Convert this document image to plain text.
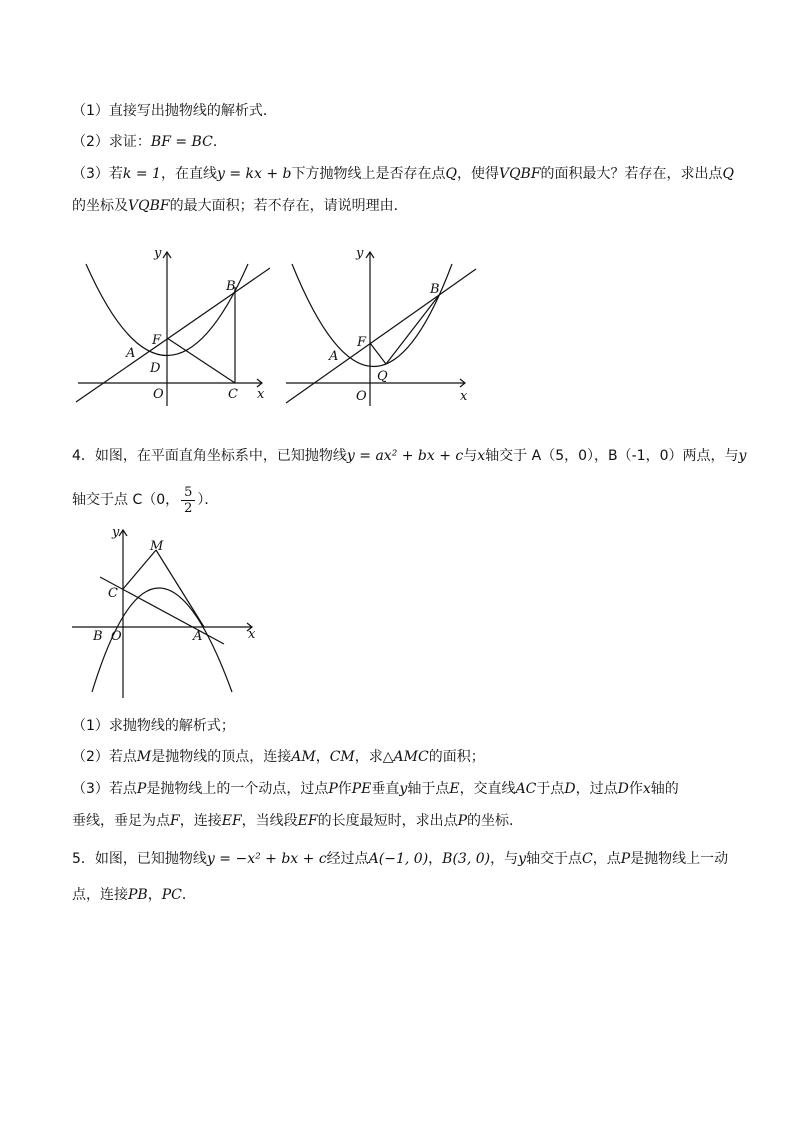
（1）直接写出抛物线的解析式．
（2）求证：BF = BC．
（3）若k = 1，在直线y = kx + b下方抛物线上是否存在点Q，使得VQBF的面积最大？若存在，求出点Q
的坐标及VQBF的最大面积；若不存在，请说明理由．
y
x
B
F
A
D
O	C
y
x
B
F
A
Q
O
4．如图，在平面直角坐标系中，已知抛物线y = ax² + bx + c与x轴交于 A（5，0），B（-1，0）两点，与y
轴交于点 C（0， $\frac{5}{2}$ ）．
y
M
C
B O	A	x
（1）求抛物线的解析式；
（2）若点M是抛物线的顶点，连接AM，CM，求△AMC的面积；
（3）若点P是抛物线上的一个动点，过点P作PE垂直y轴于点E，交直线AC于点D，过点D作x轴的
垂线，垂足为点F，连接EF，当线段EF的长度最短时，求出点P的坐标．
5．如图，已知抛物线y = −x² + bx + c经过点A(−1, 0)，B(3, 0)，与y轴交于点C，点P是抛物线上一动
点，连接PB，PC．
